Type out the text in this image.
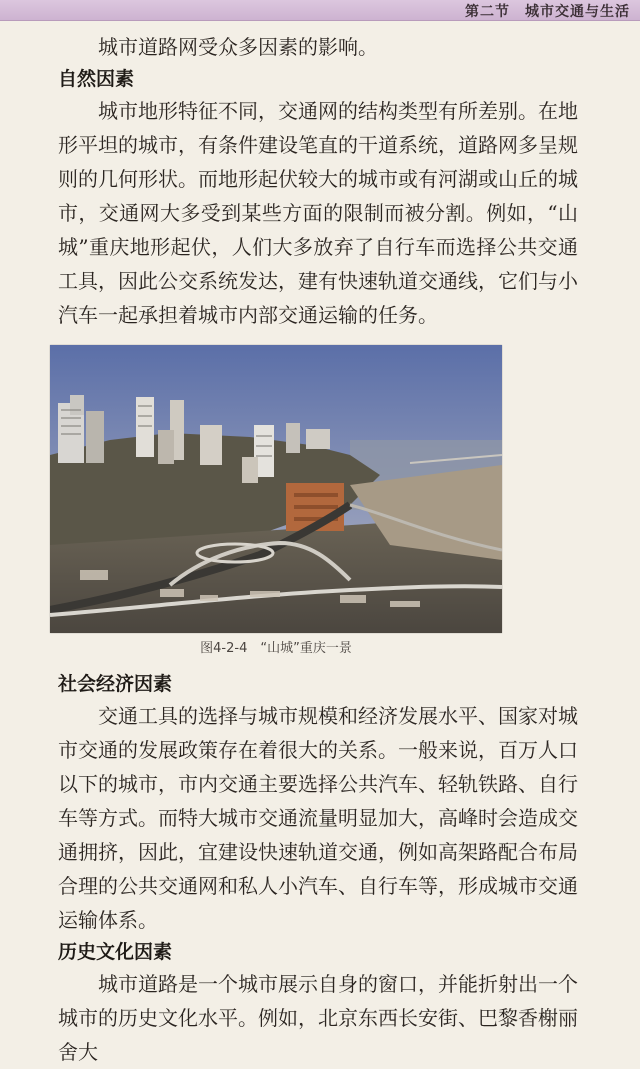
第二节　城市交通与生活

城市道路网受众多因素的影响。

自然因素

城市地形特征不同，交通网的结构类型有所差别。在地形平坦的城市，有条件建设笔直的干道系统，道路网多呈规则的几何形状。而地形起伏较大的城市或有河湖或山丘的城市，交通网大多受到某些方面的限制而被分割。例如，“山城”重庆地形起伏，人们大多放弃了自行车而选择公共交通工具，因此公交系统发达，建有快速轨道交通线，它们与小汽车一起承担着城市内部交通运输的任务。

图4-2-4　“山城”重庆一景
社会经济因素

交通工具的选择与城市规模和经济发展水平、国家对城市交通的发展政策存在着很大的关系。一般来说，百万人口以下的城市，市内交通主要选择公共汽车、轻轨铁路、自行车等方式。而特大城市交通流量明显加大，高峰时会造成交通拥挤，因此，宜建设快速轨道交通，例如高架路配合布局合理的公共交通网和私人小汽车、自行车等，形成城市交通运输体系。

历史文化因素

城市道路是一个城市展示自身的窗口，并能折射出一个城市的历史文化水平。例如，北京东西长安街、巴黎香榭丽舍大
